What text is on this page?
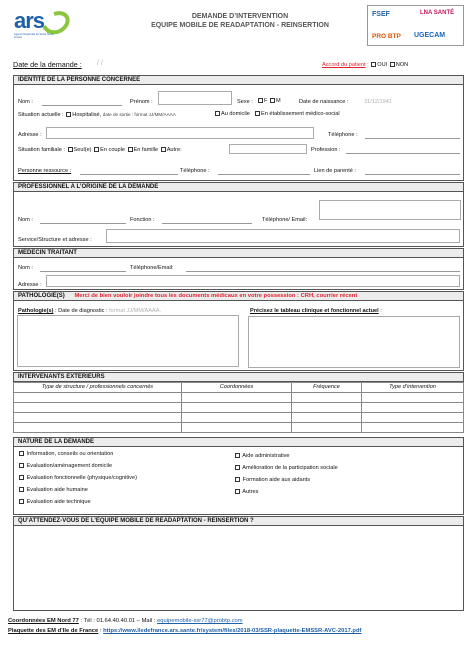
ars
Agence Régionale de Santé Île-de-France
DEMANDE D’INTERVENTION
EQUIPE MOBILE DE READAPTATION - REINSERTION
FSEF	LNA SANTÉ
PRO BTP UGECAM
Date de la demande : / /	Accord du patient : OUI NON
IDENTITE DE LA PERSONNE CONCERNEE
Nom :	Prénom :	Sexe :	F M	Date de naissance :	31/12/1941
Situation actuelle : Hospitalisé, date de sortie : format JJ/MM/AAAA	Au domicile	En établissement médico-social
Adresse :	Téléphone :
Situation familiale : Seul(e) En couple En famille Autre:	Profession :
Personne ressource :	Téléphone :	Lien de parenté :
PROFESSIONNEL A L’ORIGINE DE LA DEMANDE
Nom :	Fonction :	Téléphone/ Email:
Service/Structure et adresse :
MEDECIN TRAITANT
Nom :	Téléphone/Email:
Adresse :
PATHOLOGIE(S) Merci de bien vouloir joindre tous les documents médicaux en votre possession : CRH, courrier récent
Pathologie(s) : Date de diagnostic : format JJ/MM/AAAA.	Précisez le tableau clinique et fonctionnel actuel :
INTERVENANTS EXTERIEURS
Type de structure / professionnels concernés	Coordonnées	Fréquence	Type d’intervention

NATURE DE LA DEMANDE
Information, conseils ou orientation
Evaluation/aménagement domicile
Evaluation fonctionnelle (physique/cognitive)
Evaluation aide humaine
Evaluation aide technique
Aide administrative
Amélioration de la participation sociale
Formation aide aux aidants
Autres
QU’ATTENDEZ-VOUS DE L’EQUIPE MOBILE DE READAPTATION - REINSERTION ?
Coordonnées EM Nord 77 : Tél : 01.64.40.40.01 – Mail : equipemobile-ssr77@probtp.com
Plaquette des EM d’Ile de France : https://www.iledefrance.ars.sante.fr/system/files/2018-03/SSR-plaquette-EMSSR-AVC-2017.pdf
